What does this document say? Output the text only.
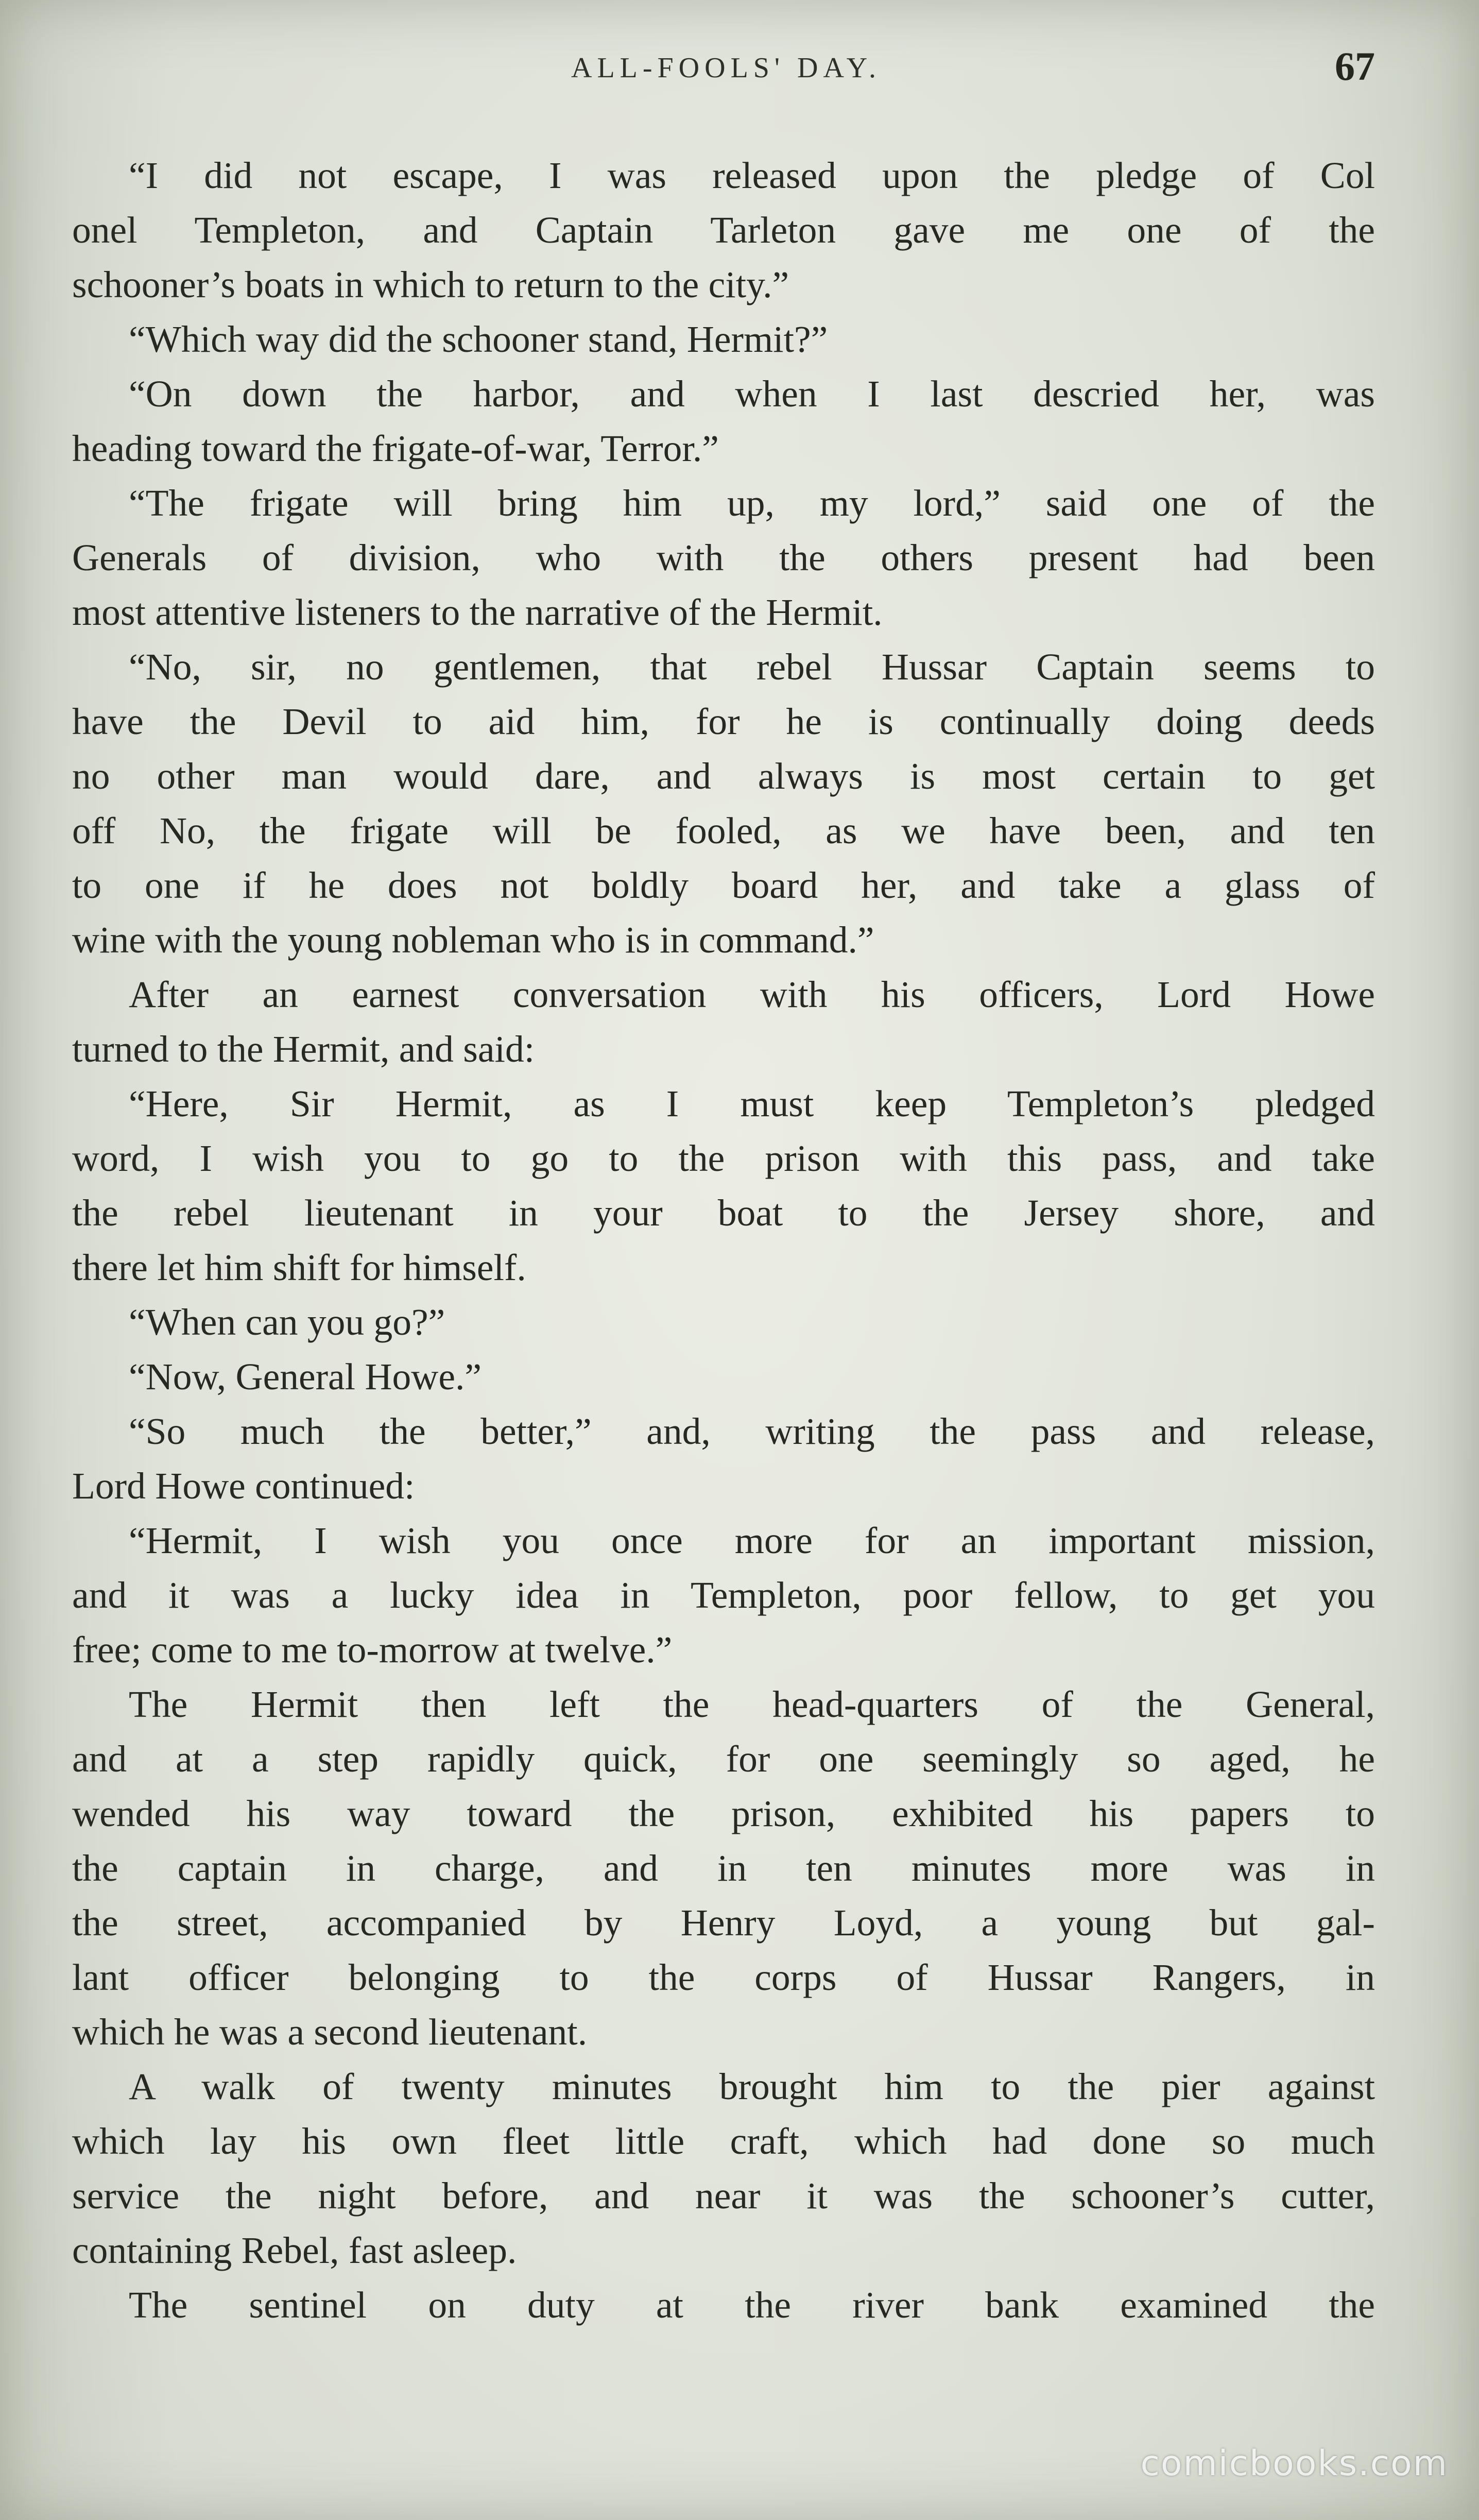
ALL-FOOLS' DAY.	67

“I did not escape, I was released upon the pledge of Col
onel Templeton, and Captain Tarleton gave me one of the
schooner’s boats in which to return to the city.”

“Which way did the schooner stand, Hermit?”

“On down the harbor, and when I last descried her, was
heading toward the frigate-of-war, Terror.”

“The frigate will bring him up, my lord,” said one of the
Generals of division, who with the others present had been
most attentive listeners to the narrative of the Hermit.

“No, sir, no gentlemen, that rebel Hussar Captain seems to
have the Devil to aid him, for he is continually doing deeds
no other man would dare, and always is most certain to get
off No, the frigate will be fooled, as we have been, and ten
to one if he does not boldly board her, and take a glass of
wine with the young nobleman who is in command.”

After an earnest conversation with his officers, Lord Howe
turned to the Hermit, and said:

“Here, Sir Hermit, as I must keep Templeton’s pledged
word, I wish you to go to the prison with this pass, and take
the rebel lieutenant in your boat to the Jersey shore, and
there let him shift for himself.

“When can you go?”

“Now, General Howe.”

“So much the better,” and, writing the pass and release,
Lord Howe continued:

“Hermit, I wish you once more for an important mission,
and it was a lucky idea in Templeton, poor fellow, to get you
free; come to me to-morrow at twelve.”

The Hermit then left the head-quarters of the General,
and at a step rapidly quick, for one seemingly so aged, he
wended his way toward the prison, exhibited his papers to
the captain in charge, and in ten minutes more was in
the street, accompanied by Henry Loyd, a young but gal-
lant officer belonging to the corps of Hussar Rangers, in
which he was a second lieutenant.

A walk of twenty minutes brought him to the pier against
which lay his own fleet little craft, which had done so much
service the night before, and near it was the schooner’s cutter,
containing Rebel, fast asleep.

The sentinel on duty at the river bank examined the

comicbooks.com
